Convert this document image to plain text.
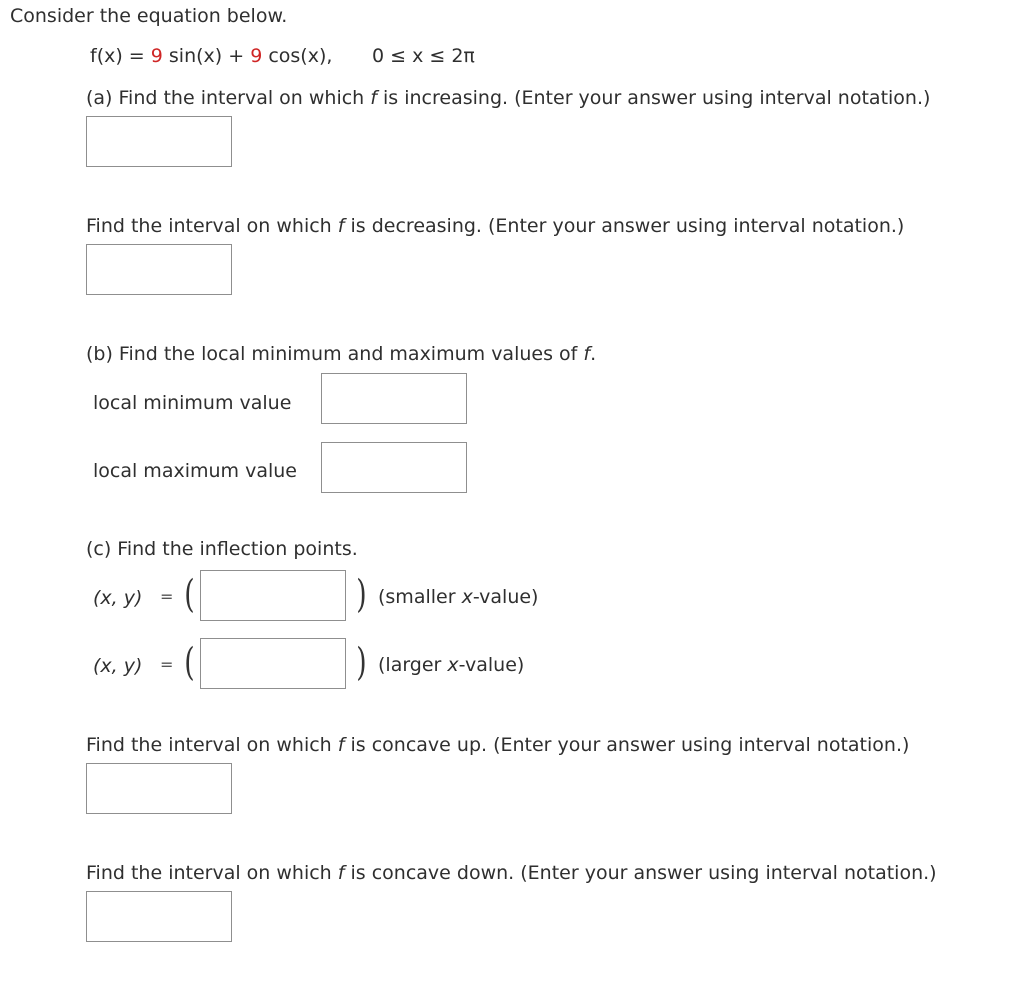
Consider the equation below.
f(x) = 9 sin(x) + 9 cos(x), 0 ≤ x ≤ 2π
(a) Find the interval on which f is increasing. (Enter your answer using interval notation.)
Find the interval on which f is decreasing. (Enter your answer using interval notation.)
(b) Find the local minimum and maximum values of f.
local minimum value
local maximum value
(c) Find the inflection points.
(x, y) = (	) (smaller x-value)
(x, y) = (	) (larger x-value)
Find the interval on which f is concave up. (Enter your answer using interval notation.)
Find the interval on which f is concave down. (Enter your answer using interval notation.)
